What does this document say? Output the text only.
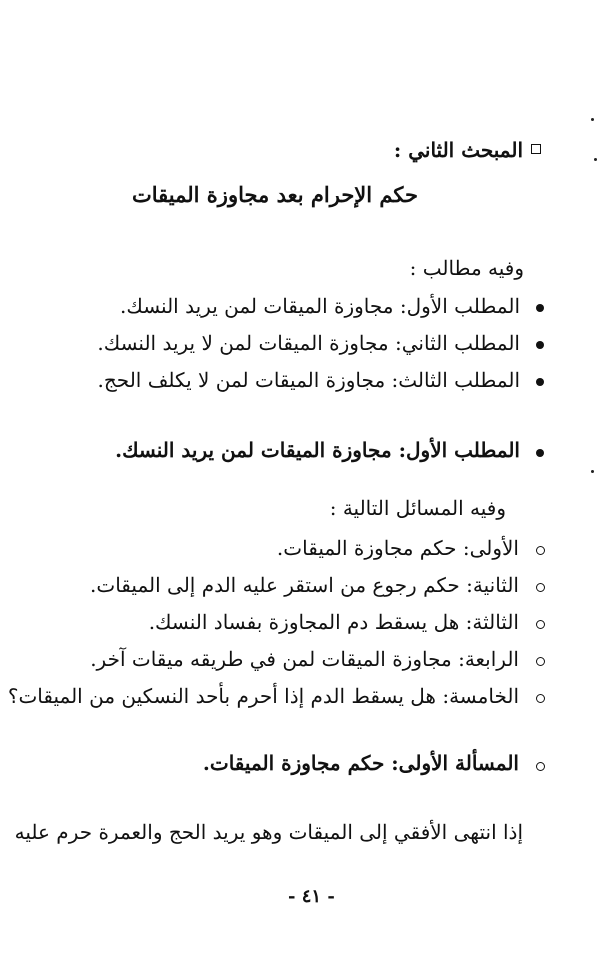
المبحث الثاني :
حكم الإحرام بعد مجاوزة الميقات
وفيه مطالب :
المطلب الأول: مجاوزة الميقات لمن يريد النسك.
المطلب الثاني: مجاوزة الميقات لمن لا يريد النسك.
المطلب الثالث: مجاوزة الميقات لمن لا يكلف الحج.
المطلب الأول: مجاوزة الميقات لمن يريد النسك.
وفيه المسائل التالية :
الأولى: حكم مجاوزة الميقات.
الثانية: حكم رجوع من استقر عليه الدم إلى الميقات.
الثالثة: هل يسقط دم المجاوزة بفساد النسك.
الرابعة: مجاوزة الميقات لمن في طريقه ميقات آخر.
الخامسة: هل يسقط الدم إذا أحرم بأحد النسكين من الميقات؟
المسألة الأولى: حكم مجاوزة الميقات.
إذا انتهى الأفقي إلى الميقات وهو يريد الحج والعمرة حرم عليه
- ٤١ -
